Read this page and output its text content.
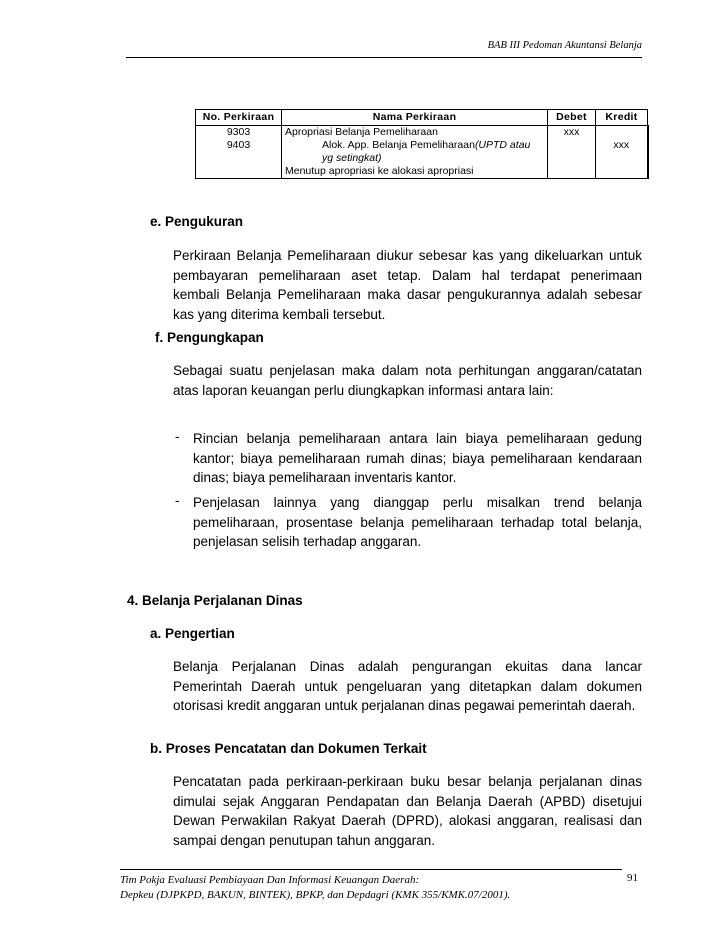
BAB III Pedoman Akuntansi Belanja
No. Perkiraan	Nama Perkiraan	Debet	Kredit
9303	Apropriasi Belanja Pemeliharaan	xxx	
9403	Alok. App. Belanja Pemeliharaan(UPTD atau yg setingkat)		xxx
	Menutup apropriasi ke alokasi apropriasi		
e. Pengukuran
Perkiraan Belanja Pemeliharaan diukur sebesar kas yang dikeluarkan untuk pembayaran pemeliharaan aset tetap. Dalam hal terdapat penerimaan kembali Belanja Pemeliharaan maka dasar pengukurannya adalah sebesar kas yang diterima kembali tersebut.
f. Pengungkapan
Sebagai suatu penjelasan maka dalam nota perhitungan anggaran/catatan atas laporan keuangan perlu diungkapkan informasi antara lain:
- Rincian belanja pemeliharaan antara lain biaya pemeliharaan gedung kantor; biaya pemeliharaan rumah dinas; biaya pemeliharaan kendaraan dinas; biaya pemeliharaan inventaris kantor.
- Penjelasan lainnya yang dianggap perlu misalkan trend belanja pemeliharaan, prosentase belanja pemeliharaan terhadap total belanja, penjelasan selisih terhadap anggaran.
4. Belanja Perjalanan Dinas
a. Pengertian
Belanja Perjalanan Dinas adalah pengurangan ekuitas dana lancar Pemerintah Daerah untuk pengeluaran yang ditetapkan dalam dokumen otorisasi kredit anggaran untuk perjalanan dinas pegawai pemerintah daerah.
b. Proses Pencatatan dan Dokumen Terkait
Pencatatan pada perkiraan-perkiraan buku besar belanja perjalanan dinas dimulai sejak Anggaran Pendapatan dan Belanja Daerah (APBD) disetujui Dewan Perwakilan Rakyat Daerah (DPRD), alokasi anggaran, realisasi dan sampai dengan penutupan tahun anggaran.
Tim Pokja Evaluasi Pembiayaan Dan Informasi Keuangan Daerah:
Depkeu (DJPKPD, BAKUN, BINTEK), BPKP, dan Depdagri (KMK 355/KMK.07/2001).
91
